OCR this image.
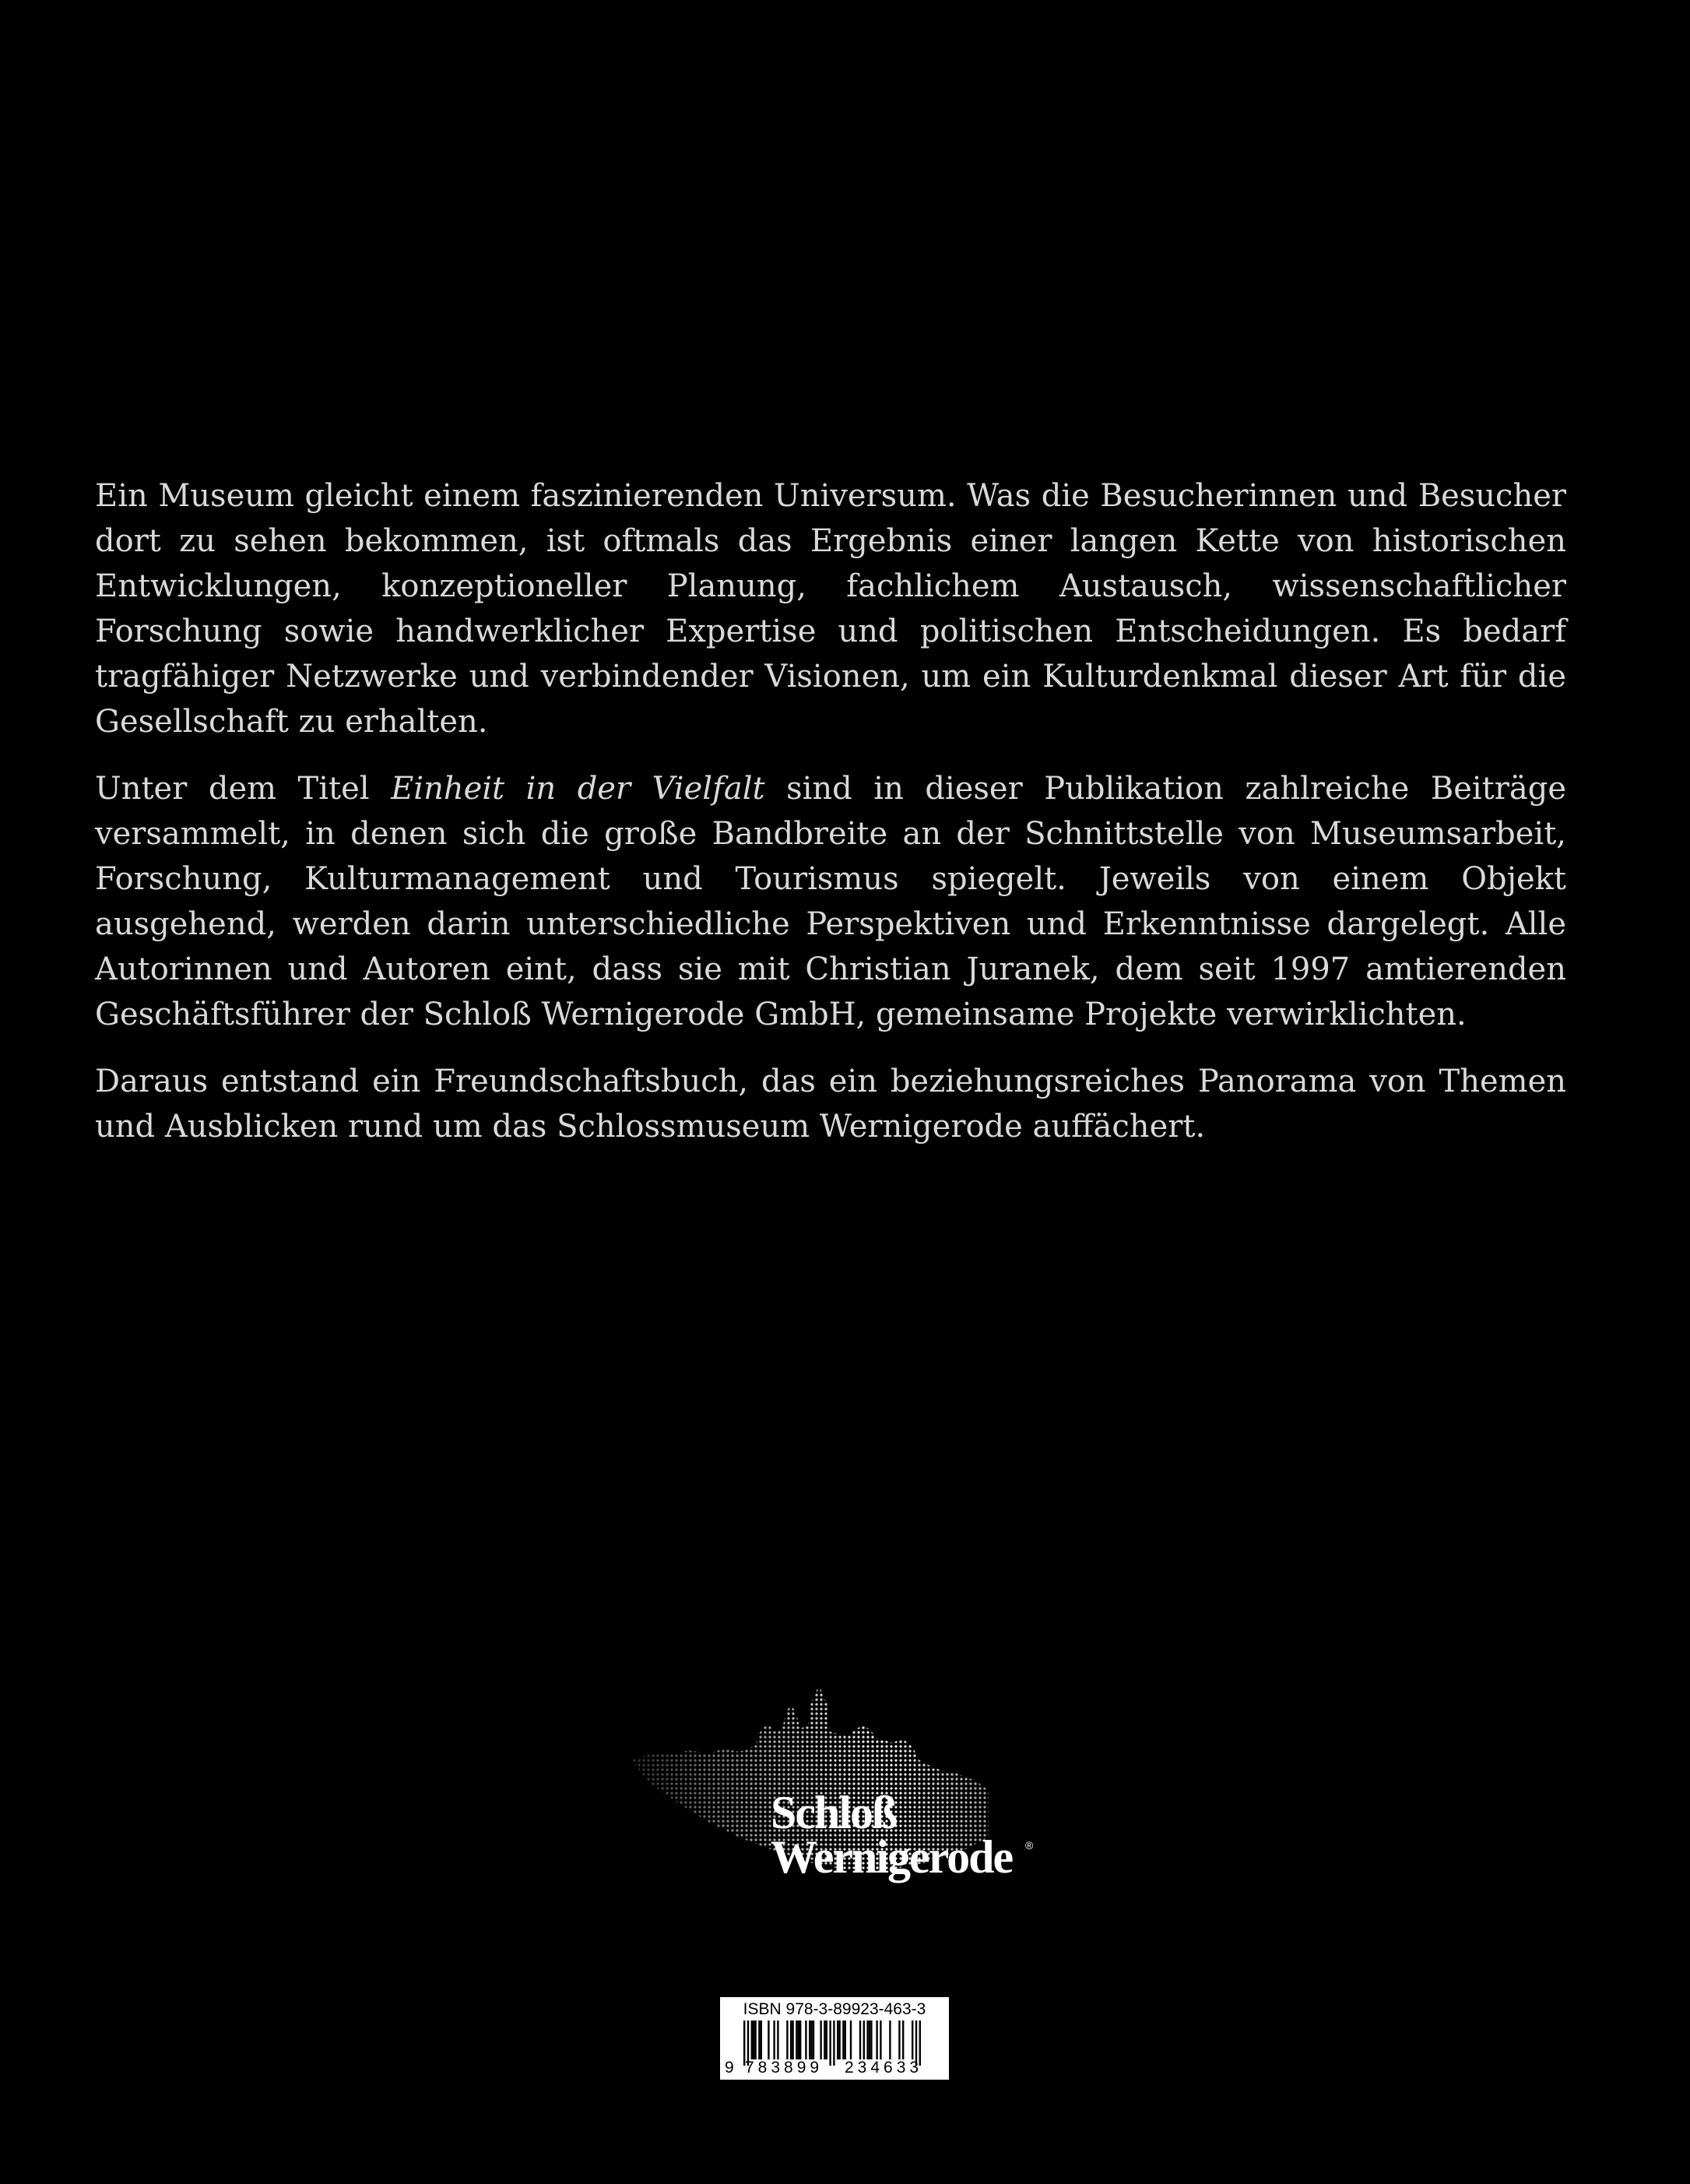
Ein Museum gleicht einem faszinierenden Universum. Was die Besucherinnen und Besucher dort zu sehen bekommen, ist oftmals das Ergebnis einer langen Kette von historischen Entwicklungen, konzeptioneller Planung, fachlichem Austausch, wissenschaftlicher Forschung sowie handwerklicher Expertise und politischen Entscheidungen. Es bedarf tragfähiger Netzwerke und verbindender Visionen, um ein Kulturdenkmal dieser Art für die Gesellschaft zu erhalten.

Unter dem Titel Einheit in der Vielfalt sind in dieser Publikation zahlreiche Beiträge versammelt, in denen sich die große Bandbreite an der Schnittstelle von Museumsarbeit, Forschung, Kulturmanagement und Tourismus spiegelt. Jeweils von einem Objekt ausgehend, werden darin unterschiedliche Perspektiven und Erkenntnisse dargelegt. Alle Autorinnen und Autoren eint, dass sie mit Christian Juranek, dem seit 1997 amtierenden Geschäftsführer der Schloß Wernigerode GmbH, gemeinsame Projekte verwirklichten.

Daraus entstand ein Freundschaftsbuch, das ein beziehungsreiches Panorama von Themen und Ausblicken rund um das Schlossmuseum Wernigerode auffächert.

Schloß
Wernigerode ®
ISBN 978-3-89923-463-3
9 783899 234633
